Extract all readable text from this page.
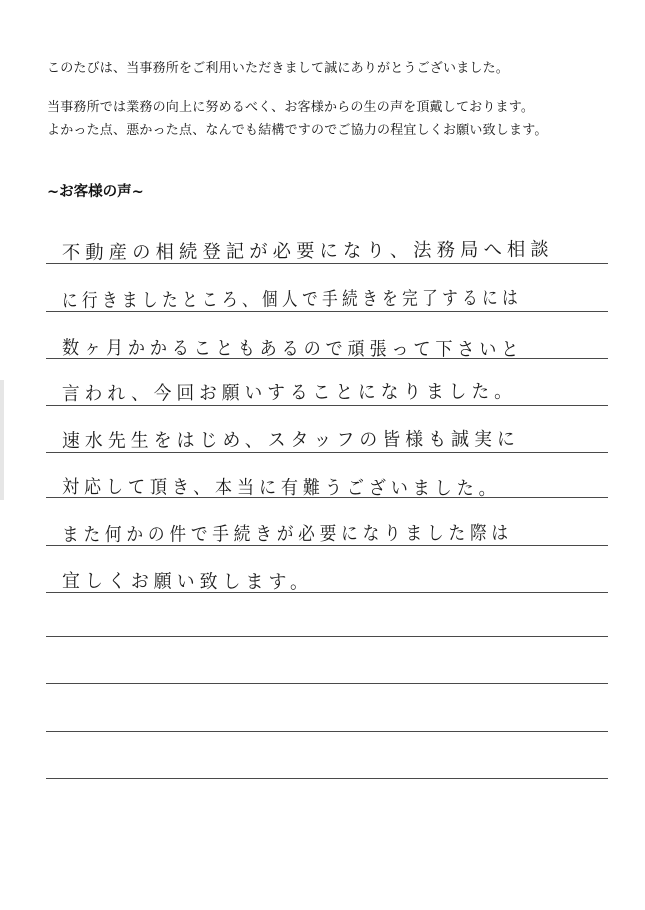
このたびは、当事務所をご利用いただきまして誠にありがとうございました。
当事務所では業務の向上に努めるべく、お客様からの生の声を頂戴しております。
よかった点、悪かった点、なんでも結構ですのでご協力の程宜しくお願い致します。
~お客様の声~
不動産の相続登記が必要になり、法務局へ相談
に行きましたところ、個人で手続きを完了するには
数ヶ月かかることもあるので頑張って下さいと
言われ、今回お願いすることになりました。
速水先生をはじめ、スタッフの皆様も誠実に
対応して頂き、本当に有難うございました。
また何かの件で手続きが必要になりました際は
宜しくお願い致します。
